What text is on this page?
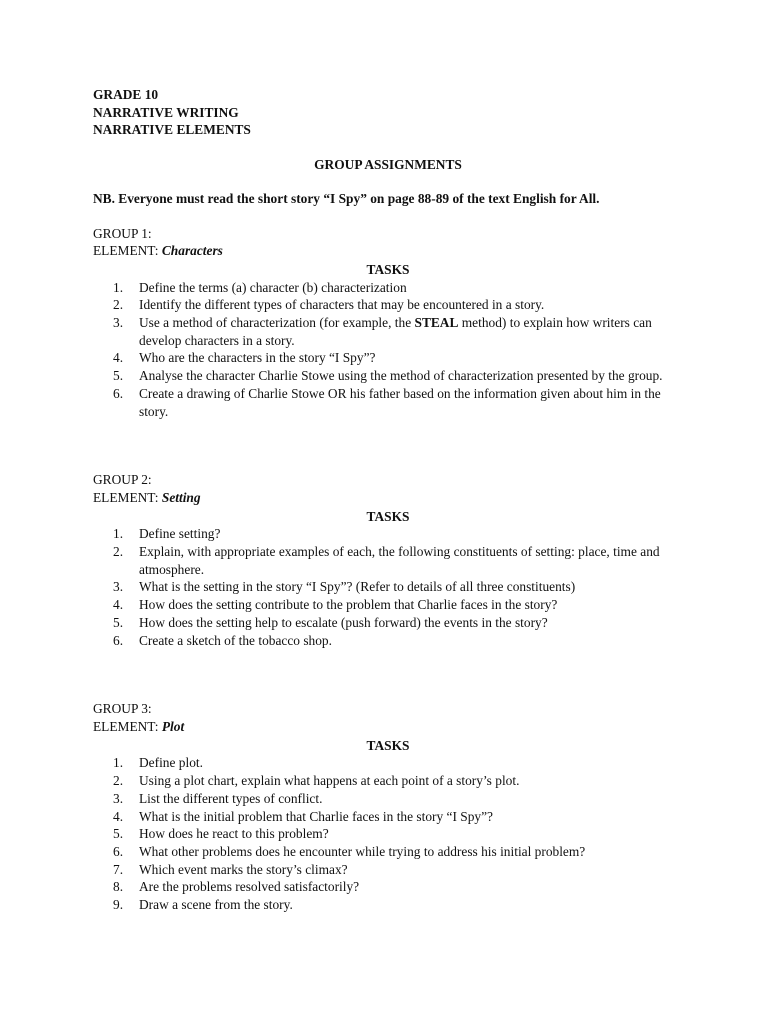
GRADE 10
NARRATIVE WRITING
NARRATIVE ELEMENTS
GROUP ASSIGNMENTS
NB. Everyone must read the short story “I Spy” on page 88-89 of the text English for All.
GROUP 1:
ELEMENT: Characters
TASKS
1.	Define the terms (a) character (b) characterization
2.	Identify the different types of characters that may be encountered in a story.
3.	Use a method of characterization (for example, the STEAL method) to explain how writers can develop characters in a story.
4.	Who are the characters in the story “I Spy”?
5.	Analyse the character Charlie Stowe using the method of characterization presented by the group.
6.	Create a drawing of Charlie Stowe OR his father based on the information given about him in the story.
GROUP 2:
ELEMENT: Setting
TASKS
1.	Define setting?
2.	Explain, with appropriate examples of each, the following constituents of setting: place, time and atmosphere.
3.	What is the setting in the story “I Spy”? (Refer to details of all three constituents)
4.	How does the setting contribute to the problem that Charlie faces in the story?
5.	How does the setting help to escalate (push forward) the events in the story?
6.	Create a sketch of the tobacco shop.
GROUP 3:
ELEMENT: Plot
TASKS
1.	Define plot.
2.	Using a plot chart, explain what happens at each point of a story’s plot.
3.	List the different types of conflict.
4.	What is the initial problem that Charlie faces in the story “I Spy”?
5.	How does he react to this problem?
6.	What other problems does he encounter while trying to address his initial problem?
7.	Which event marks the story’s climax?
8.	Are the problems resolved satisfactorily?
9.	Draw a scene from the story.
